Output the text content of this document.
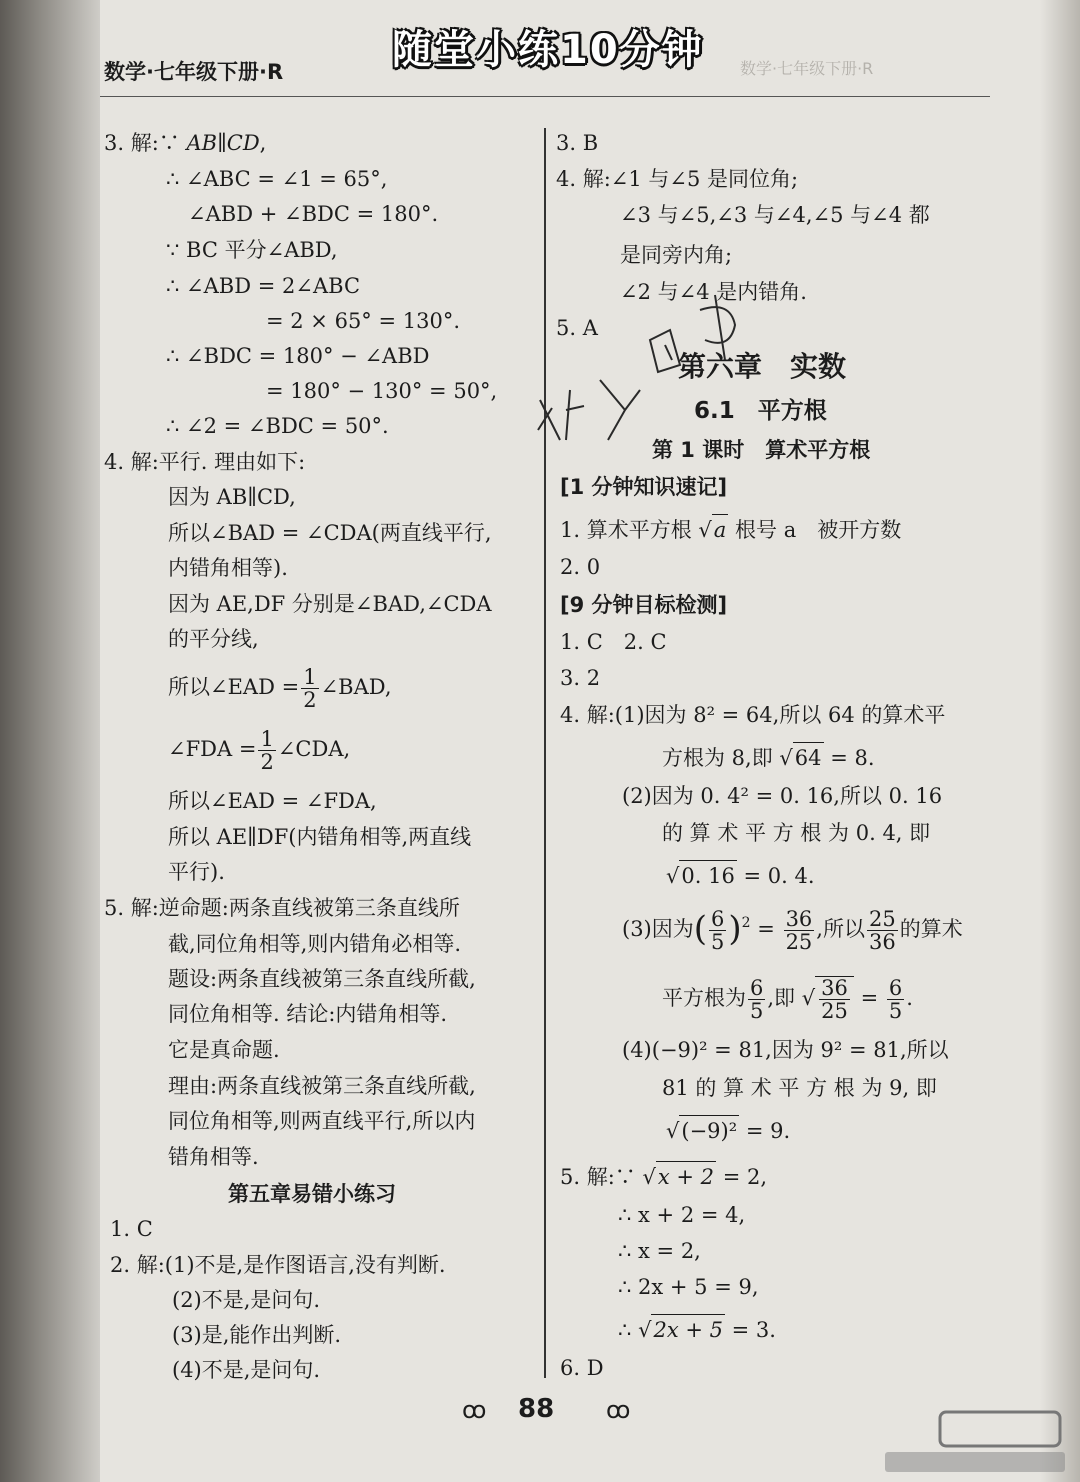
数学·七年级下册·R	随堂小练10分钟 数学·七年级下册·R
3. 解:∵ AB∥CD,
∴ ∠ABC = ∠1 = 65°,
∠ABD + ∠BDC = 180°.
∵ BC 平分∠ABD,
∴ ∠ABD = 2∠ABC
= 2 × 65° = 130°.
∴ ∠BDC = 180° − ∠ABD
= 180° − 130° = 50°,
∴ ∠2 = ∠BDC = 50°.
4. 解:平行. 理由如下:
因为 AB∥CD,
所以∠BAD = ∠CDA(两直线平行,
内错角相等).
因为 AE,DF 分别是∠BAD,∠CDA
的平分线,
所以∠EAD = $\frac{1}{2}$ ∠BAD,
∠FDA = $\frac{1}{2}$ ∠CDA,
所以∠EAD = ∠FDA,
所以 AE∥DF(内错角相等,两直线
平行).
5. 解:逆命题:两条直线被第三条直线所
截,同位角相等,则内错角必相等.
题设:两条直线被第三条直线所截,
同位角相等. 结论:内错角相等.
它是真命题.
理由:两条直线被第三条直线所截,
同位角相等,则两直线平行,所以内
错角相等.
第五章易错小练习
1. C
2. 解:(1)不是,是作图语言,没有判断.
(2)不是,是问句.
(3)是,能作出判断.
(4)不是,是问句.
3. B
4. 解:∠1 与∠5 是同位角;
∠3 与∠5,∠3 与∠4,∠5 与∠4 都
是同旁内角;
∠2 与∠4 是内错角.
5. A
第六章　实数
6.1　平方根
第 1 课时　算术平方根
[1 分钟知识速记]
1. 算术平方根 √a 根号 a　被开方数
2. 0
[9 分钟目标检测]
1. C　2. C
3. 2
4. 解:(1)因为 8² = 64,所以 64 的算术平
方根为 8,即 √64 = 8.
(2)因为 0. 4² = 0. 16,所以 0. 16
的 算 术 平 方 根 为 0. 4, 即
√0. 16 = 0. 4.
(3)因为( $\frac{6}{5} )^2 = \frac{36}{25}$ ,所以 $\frac{25}{36}$ 的算术
平方根为 $\frac{6}{5}$ ,即 √ $\frac{36}{25} = \frac{6}{5}$ .
(4)(−9)² = 81,因为 9² = 81,所以
81 的 算 术 平 方 根 为 9, 即
√(−9)² = 9.
5. 解:∵ √x + 2 = 2,
∴ x + 2 = 4,
∴ x = 2,
∴ 2x + 5 = 9,
∴ √2x + 5 = 3.
6. D
ꝏ 88 ꝏ
